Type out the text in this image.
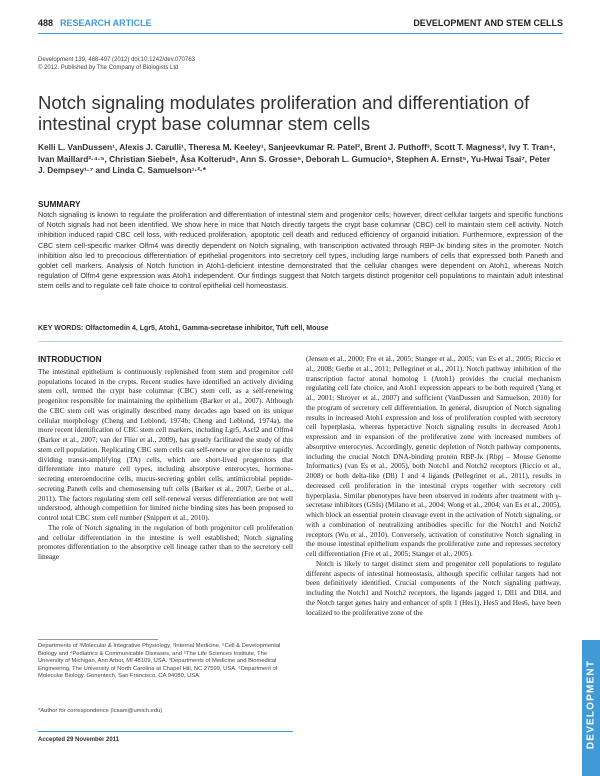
488 RESEARCH ARTICLE	DEVELOPMENT AND STEM CELLS
Development 139, 488-497 (2012) doi:10.1242/dev.070763
© 2012. Published by The Company of Biologists Ltd
Notch signaling modulates proliferation and differentiation of intestinal crypt base columnar stem cells
Kelli L. VanDussen¹, Alexis J. Carulli¹, Theresa M. Keeley¹, Sanjeevkumar R. Patel², Brent J. Puthoff³, Scott T. Magness³, Ivy T. Tran⁴, Ivan Maillard²·⁴·⁵, Christian Siebel⁶, Åsa Kolterud⁵, Ann S. Grosse⁵, Deborah L. Gumucio⁵, Stephen A. Ernst⁵, Yu-Hwai Tsai⁷, Peter J. Dempsey¹·⁷ and Linda C. Samuelson¹·²·*
SUMMARY
Notch signaling is known to regulate the proliferation and differentiation of intestinal stem and progenitor cells; however, direct cellular targets and specific functions of Notch signals had not been identified. We show here in mice that Notch directly targets the crypt base columnar (CBC) cell to maintain stem cell activity. Notch inhibition induced rapid CBC cell loss, with reduced proliferation, apoptotic cell death and reduced efficiency of organoid initiation. Furthermore, expression of the CBC stem cell-specific marker Olfm4 was directly dependent on Notch signaling, with transcription activated through RBP-Jκ binding sites in the promoter. Notch inhibition also led to precocious differentiation of epithelial progenitors into secretory cell types, including large numbers of cells that expressed both Paneth and goblet cell markers. Analysis of Notch function in Atoh1-deficient intestine demonstrated that the cellular changes were dependent on Atoh1, whereas Notch regulation of Olfm4 gene expression was Atoh1 independent. Our findings suggest that Notch targets distinct progenitor cell populations to maintain adult intestinal stem cells and to regulate cell fate choice to control epithelial cell homeostasis.
KEY WORDS: Olfactomedin 4, Lgr5, Atoh1, Gamma-secretase inhibitor, Tuft cell, Mouse
INTRODUCTION

The intestinal epithelium is continuously replenished from stem and progenitor cell populations located in the crypts. Recent studies have identified an actively dividing stem cell, termed the crypt base columnar (CBC) stem cell, as a self-renewing progenitor responsible for maintaining the epithelium (Barker et al., 2007). Although the CBC stem cell was originally described many decades ago based on its unique cellular morphology (Cheng and Leblond, 1974b; Cheng and Leblond, 1974a), the more recent identification of CBC stem cell markers, including Lgr5, Ascl2 and Olfm4 (Barker et al., 2007; van der Flier et al., 2009), has greatly facilitated the study of this stem cell population. Replicating CBC stem cells can self-renew or give rise to rapidly dividing transit-amplifying (TA) cells, which are short-lived progenitors that differentiate into mature cell types, including absorptive enterocytes, hormone-secreting enteroendocrine cells, mucus-secreting goblet cells, antimicrobial peptide-secreting Paneth cells and chemosensing tuft cells (Barker et al., 2007; Gerbe et al., 2011). The factors regulating stem cell self-renewal versus differentiation are not well understood, although competition for limited niche binding sites has been proposed to control total CBC stem cell number (Snippert et al., 2010).

The role of Notch signaling in the regulation of both progenitor cell proliferation and cellular differentiation in the intestine is well established; Notch signaling promotes differentiation to the absorptive cell lineage rather than to the secretory cell lineage

Departments of ¹Molecular & Integrative Physiology, ²Internal Medicine, ⁵Cell & Developmental Biology and ⁴Pediatrics & Communicable Diseases, and ⁵The Life Sciences Institute, The University of Michigan, Ann Arbor, MI 48109, USA. ³Departments of Medicine and Biomedical Engineering, The University of North Carolina at Chapel Hill, NC 27599, USA. ⁶Department of Molecular Biology, Genentech, San Francisco, CA 94080, USA.
*Author for correspondence (lcsam@umich.edu)
Accepted 29 November 2011

(Jensen et al., 2000; Fre et al., 2005; Stanger et al., 2005; van Es et al., 2005; Riccio et al., 2008; Gerbe et al., 2011; Pellegrinet et al., 2011). Notch pathway inhibition of the transcription factor atonal homolog 1 (Atoh1) provides the crucial mechanism regulating cell fate choice, and Atoh1 expression appears to be both required (Yang et al., 2001; Shroyer et al., 2007) and sufficient (VanDussen and Samuelson, 2010) for the program of secretory cell differentiation. In general, disruption of Notch signaling results in increased Atoh1 expression and loss of proliferation coupled with secretory cell hyperplasia, whereas hyperactive Notch signaling results in decreased Atoh1 expression and in expansion of the proliferative zone with increased numbers of absorptive enterocytes. Accordingly, genetic depletion of Notch pathway components, including the crucial Notch DNA-binding protein RBP-Jκ (Rbpj – Mouse Genome Informatics) (van Es et al., 2005), both Notch1 and Notch2 receptors (Riccio et al., 2008) or both delta-like (Dll) 1 and 4 ligands (Pellegrinet et al., 2011), results in decreased cell proliferation in the intestinal crypts together with secretory cell hyperplasia. Similar phenotypes have been observed in rodents after treatment with γ-secretase inhibitors (GSIs) (Milano et al., 2004; Wong et al., 2004; van Es et al., 2005), which block an essential protein cleavage event in the activation of Notch signaling, or with a combination of neutralizing antibodies specific for the Notch1 and Notch2 receptors (Wu et al., 2010). Conversely, activation of constitutive Notch signaling in the mouse intestinal epithelium expands the proliferative zone and represses secretory cell differentiation (Fre et al., 2005; Stanger et al., 2005).

Notch is likely to target distinct stem and progenitor cell populations to regulate different aspects of intestinal homeostasis, although specific cellular targets had not been definitively identified. Crucial components of the Notch signaling pathway, including the Notch1 and Notch2 receptors, the ligands jagged 1, Dll1 and Dll4, and the Notch target genes hairy and enhancer of split 1 (Hes1), Hes5 and Hes6, have been localized to the proliferative zone of the

DEVELOPMENT
